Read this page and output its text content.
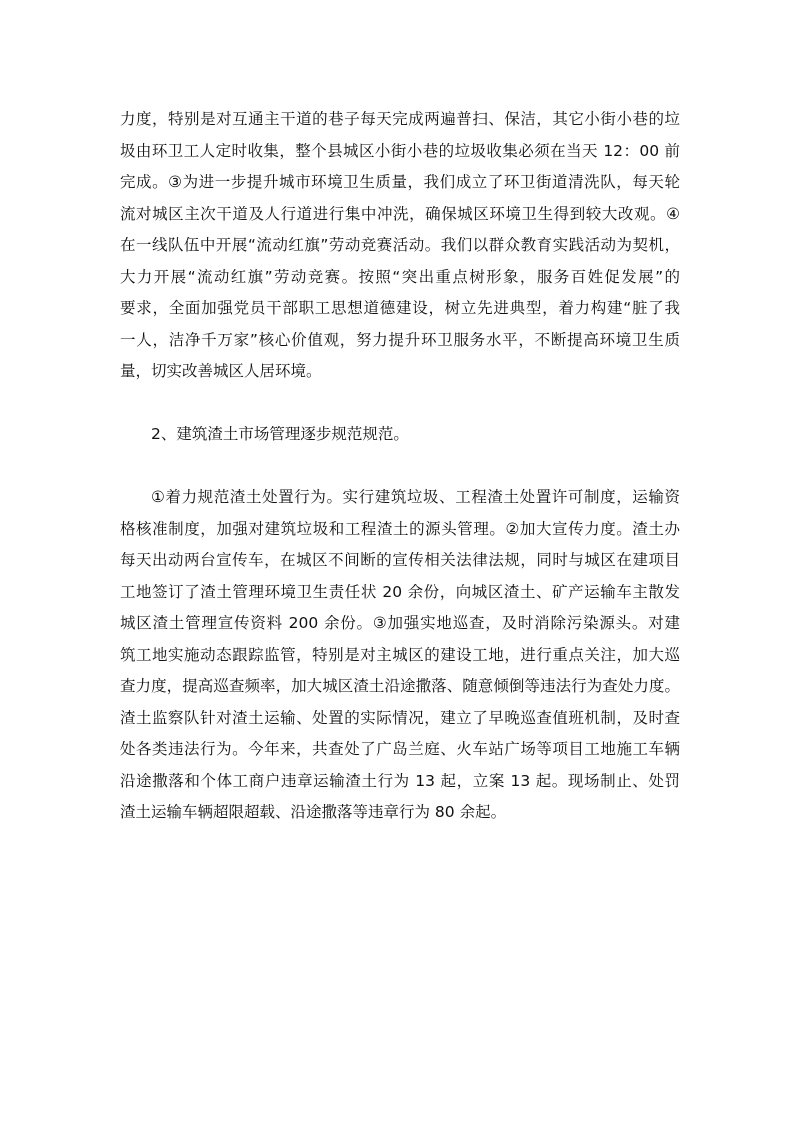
力度，特别是对互通主干道的巷子每天完成两遍普扫、保洁，其它小街小巷的垃
圾由环卫工人定时收集，整个县城区小街小巷的垃圾收集必须在当天 12：00 前
完成。③为进一步提升城市环境卫生质量，我们成立了环卫街道清洗队，每天轮
流对城区主次干道及人行道进行集中冲洗，确保城区环境卫生得到较大改观。④
在一线队伍中开展“流动红旗”劳动竞赛活动。我们以群众教育实践活动为契机，
大力开展“流动红旗”劳动竞赛。按照“突出重点树形象，服务百姓促发展”的
要求，全面加强党员干部职工思想道德建设，树立先进典型，着力构建“脏了我
一人，洁净千万家”核心价值观，努力提升环卫服务水平，不断提高环境卫生质
量，切实改善城区人居环境。
2、建筑渣土市场管理逐步规范规范。
①着力规范渣土处置行为。实行建筑垃圾、工程渣土处置许可制度，运输资
格核准制度，加强对建筑垃圾和工程渣土的源头管理。②加大宣传力度。渣土办
每天出动两台宣传车，在城区不间断的宣传相关法律法规，同时与城区在建项目
工地签订了渣土管理环境卫生责任状 20 余份，向城区渣土、矿产运输车主散发
城区渣土管理宣传资料 200 余份。③加强实地巡查，及时消除污染源头。对建
筑工地实施动态跟踪监管，特别是对主城区的建设工地，进行重点关注，加大巡
查力度，提高巡查频率，加大城区渣土沿途撒落、随意倾倒等违法行为查处力度。
渣土监察队针对渣土运输、处置的实际情况，建立了早晚巡查值班机制，及时查
处各类违法行为。今年来，共查处了广岛兰庭、火车站广场等项目工地施工车辆
沿途撒落和个体工商户违章运输渣土行为 13 起，立案 13 起。现场制止、处罚
渣土运输车辆超限超载、沿途撒落等违章行为 80 余起。
